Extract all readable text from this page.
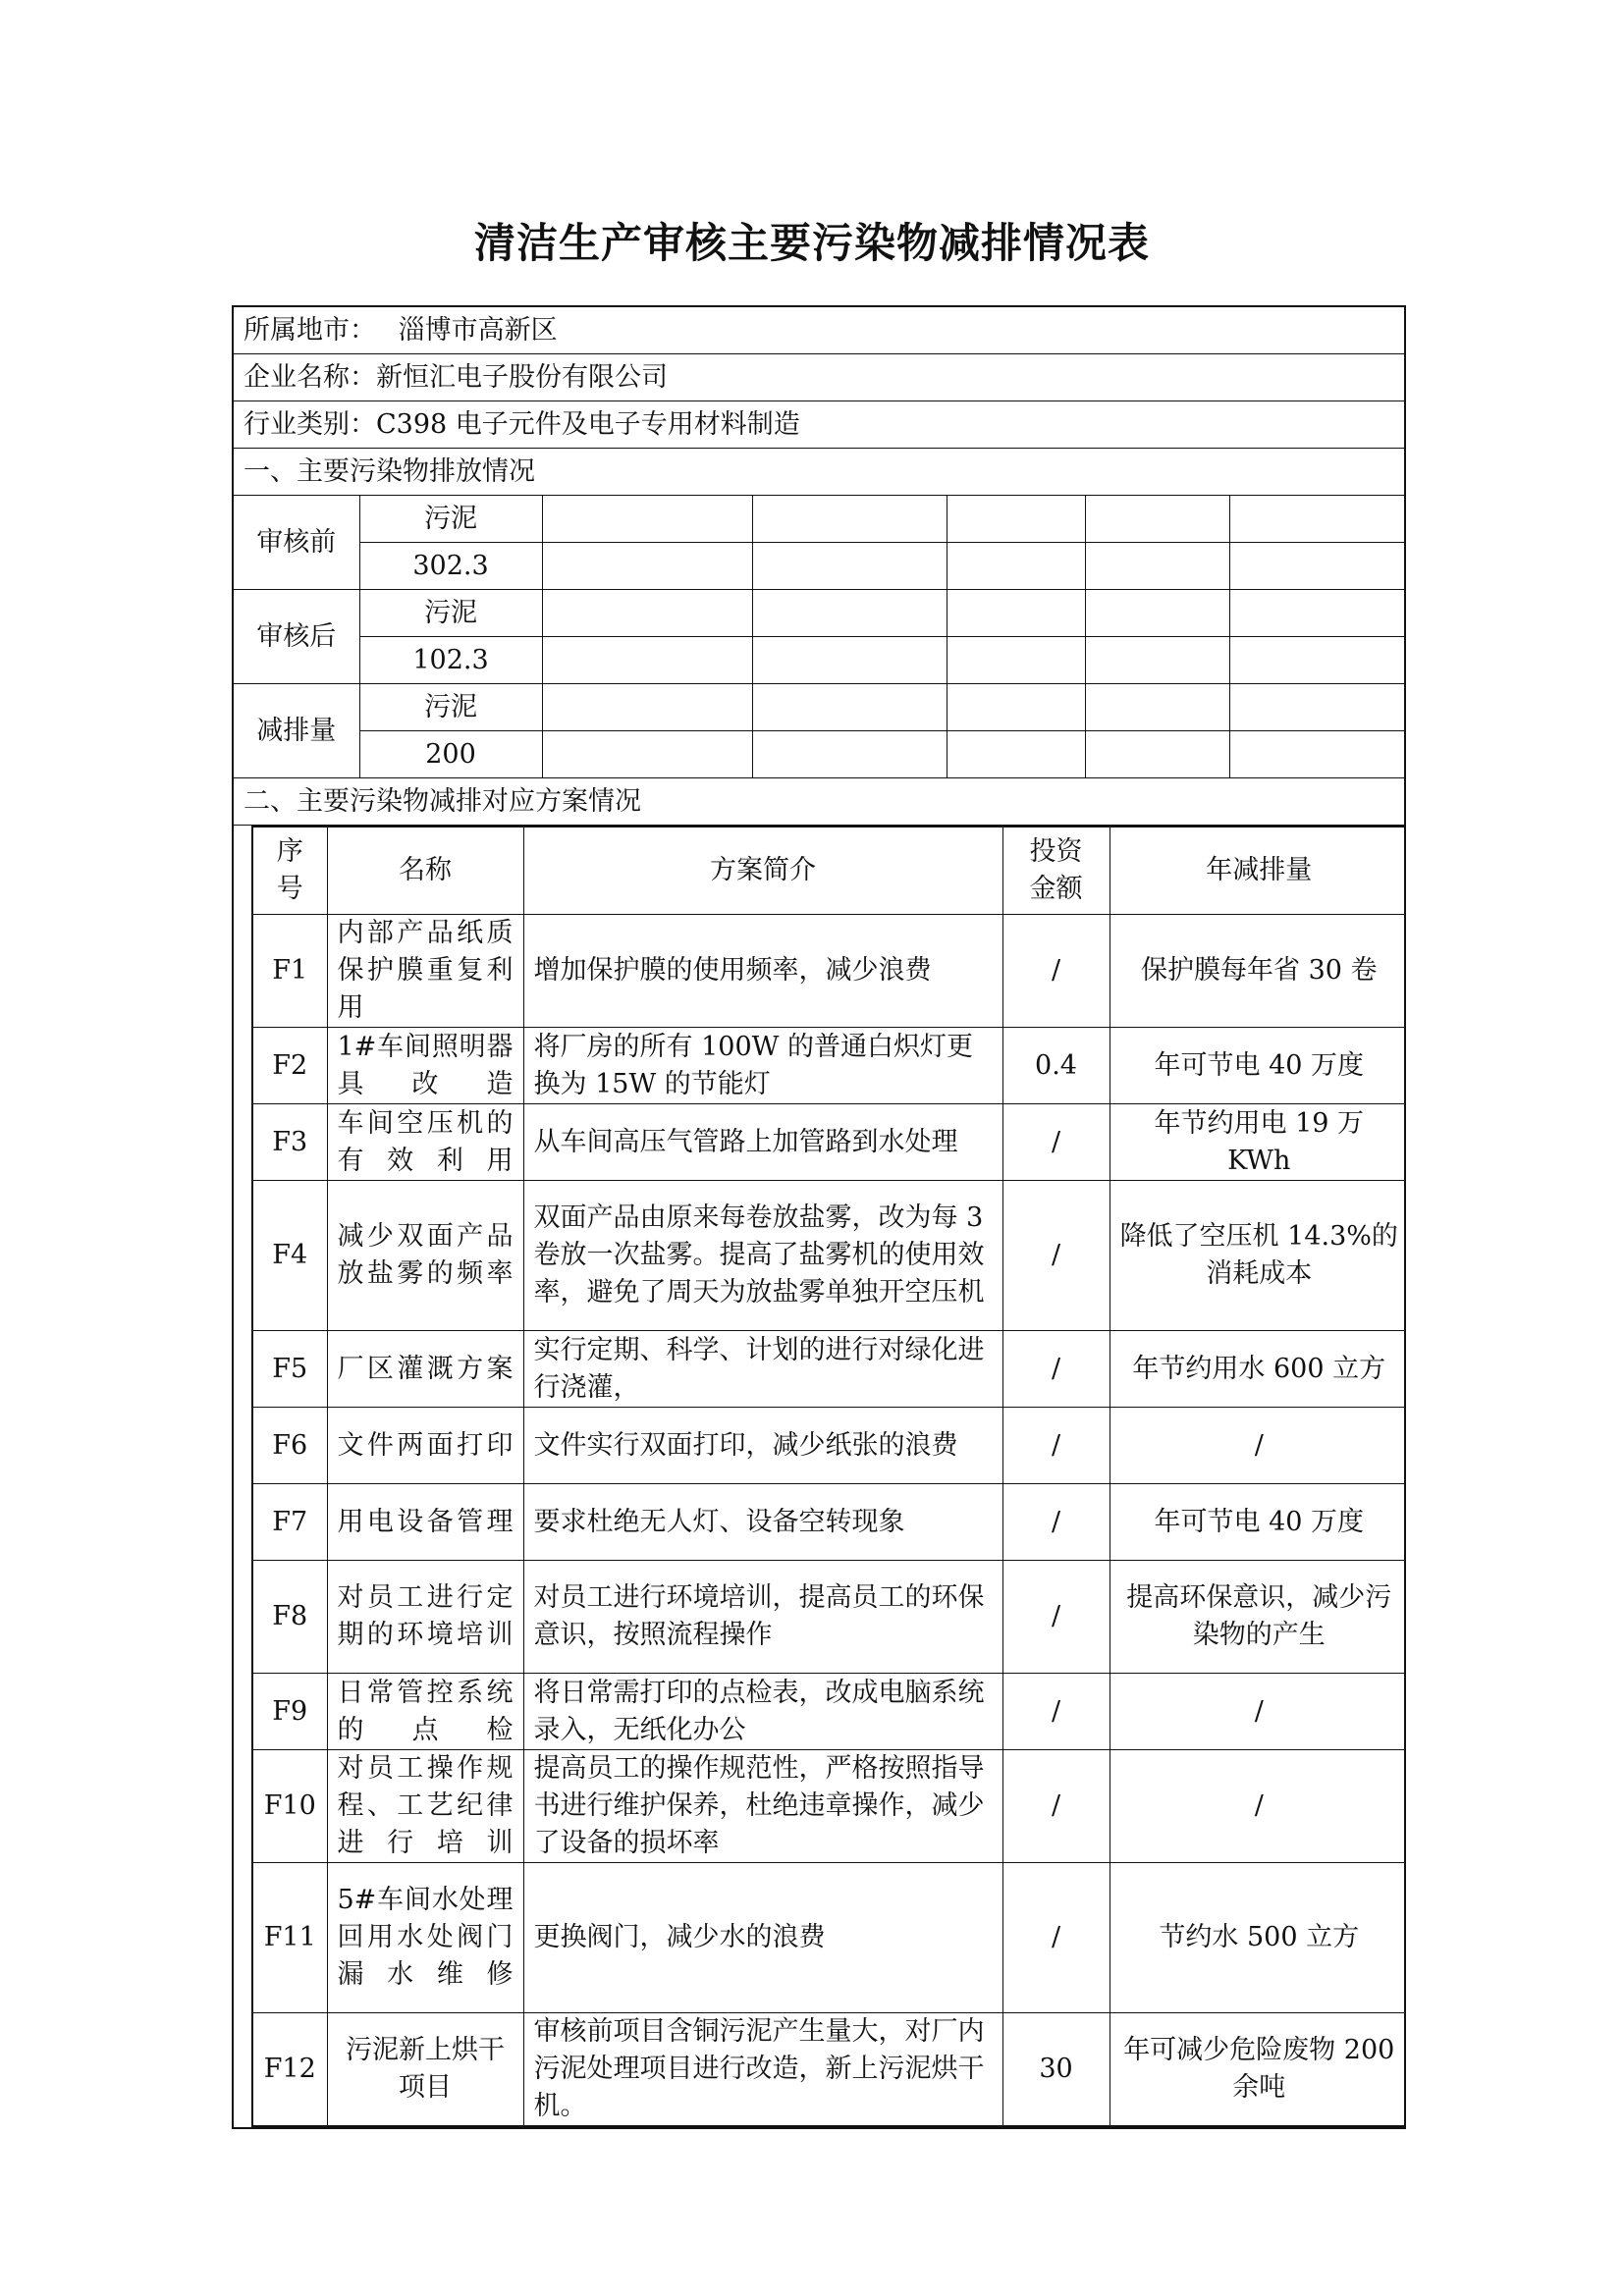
清洁生产审核主要污染物减排情况表
所属地市： 淄博市高新区
企业名称：新恒汇电子股份有限公司
行业类别：C398 电子元件及电子专用材料制造
一、主要污染物排放情况
审核前	污泥					
302.3					
审核后	污泥					
102.3					
减排量	污泥					
200					
二、主要污染物减排对应方案情况

序号	名称	方案简介	投资金额	年减排量
F1	内部产品纸质保护膜重复利用	增加保护膜的使用频率，减少浪费	/	保护膜每年省 30 卷
F2	1#车间照明器具改造	将厂房的所有 100W 的普通白炽灯更换为 15W 的节能灯	0.4	年可节电 40 万度
F3	车间空压机的有效利用	从车间高压气管路上加管路到水处理	/	年节约用电 19 万 KWh
F4	减少双面产品放盐雾的频率	双面产品由原来每卷放盐雾，改为每 3 卷放一次盐雾。提高了盐雾机的使用效率，避免了周天为放盐雾单独开空压机	/	降低了空压机 14.3%的消耗成本
F5	厂区灌溉方案	实行定期、科学、计划的进行对绿化进行浇灌，	/	年节约用水 600 立方
F6	文件两面打印	文件实行双面打印，减少纸张的浪费	/	/
F7	用电设备管理	要求杜绝无人灯、设备空转现象	/	年可节电 40 万度
F8	对员工进行定期的环境培训	对员工进行环境培训，提高员工的环保意识，按照流程操作	/	提高环保意识，减少污染物的产生
F9	日常管控系统的点检	将日常需打印的点检表，改成电脑系统录入，无纸化办公	/	/
F10	对员工操作规程、工艺纪律进行培训	提高员工的操作规范性，严格按照指导书进行维护保养，杜绝违章操作，减少了设备的损坏率	/	/
F11	5#车间水处理回用水处阀门漏水维修	更换阀门，减少水的浪费	/	节约水 500 立方
F12	污泥新上烘干项目	审核前项目含铜污泥产生量大，对厂内污泥处理项目进行改造，新上污泥烘干机。	30	年可减少危险废物 200 余吨
